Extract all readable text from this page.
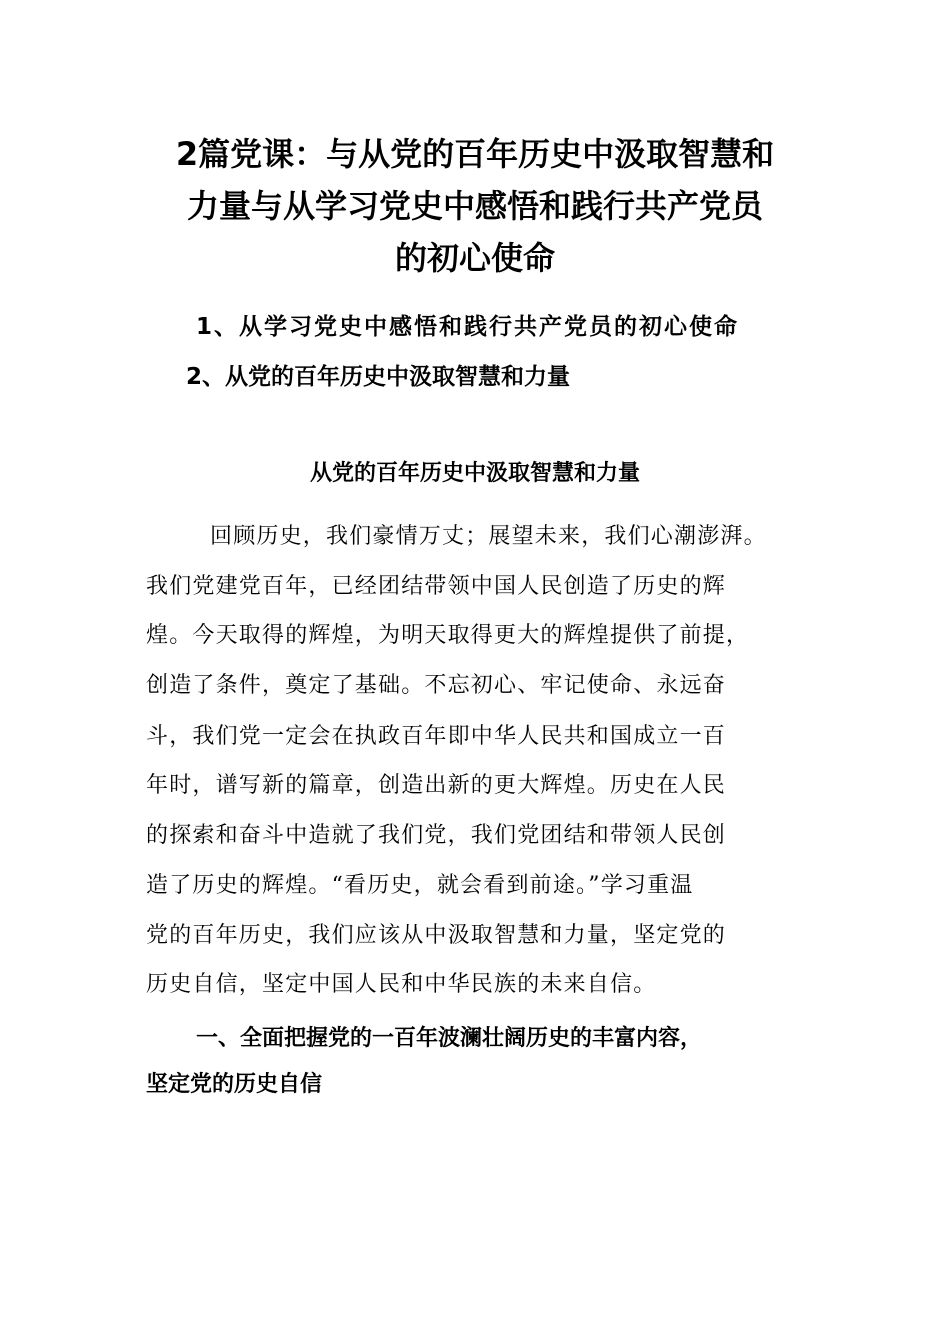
2篇党课：与从党的百年历史中汲取智慧和
力量与从学习党史中感悟和践行共产党员
的初心使命
1、从学习党史中感悟和践行共产党员的初心使命
2、从党的百年历史中汲取智慧和力量
从党的百年历史中汲取智慧和力量
回顾历史，我们豪情万丈；展望未来，我们心潮澎湃。
我们党建党百年，已经团结带领中国人民创造了历史的辉
煌。今天取得的辉煌，为明天取得更大的辉煌提供了前提，
创造了条件，奠定了基础。不忘初心、牢记使命、永远奋
斗，我们党一定会在执政百年即中华人民共和国成立一百
年时，谱写新的篇章，创造出新的更大辉煌。历史在人民
的探索和奋斗中造就了我们党，我们党团结和带领人民创
造了历史的辉煌。“看历史，就会看到前途。”学习重温
党的百年历史，我们应该从中汲取智慧和力量，坚定党的
历史自信，坚定中国人民和中华民族的未来自信。
一、全面把握党的一百年波澜壮阔历史的丰富内容，
坚定党的历史自信
